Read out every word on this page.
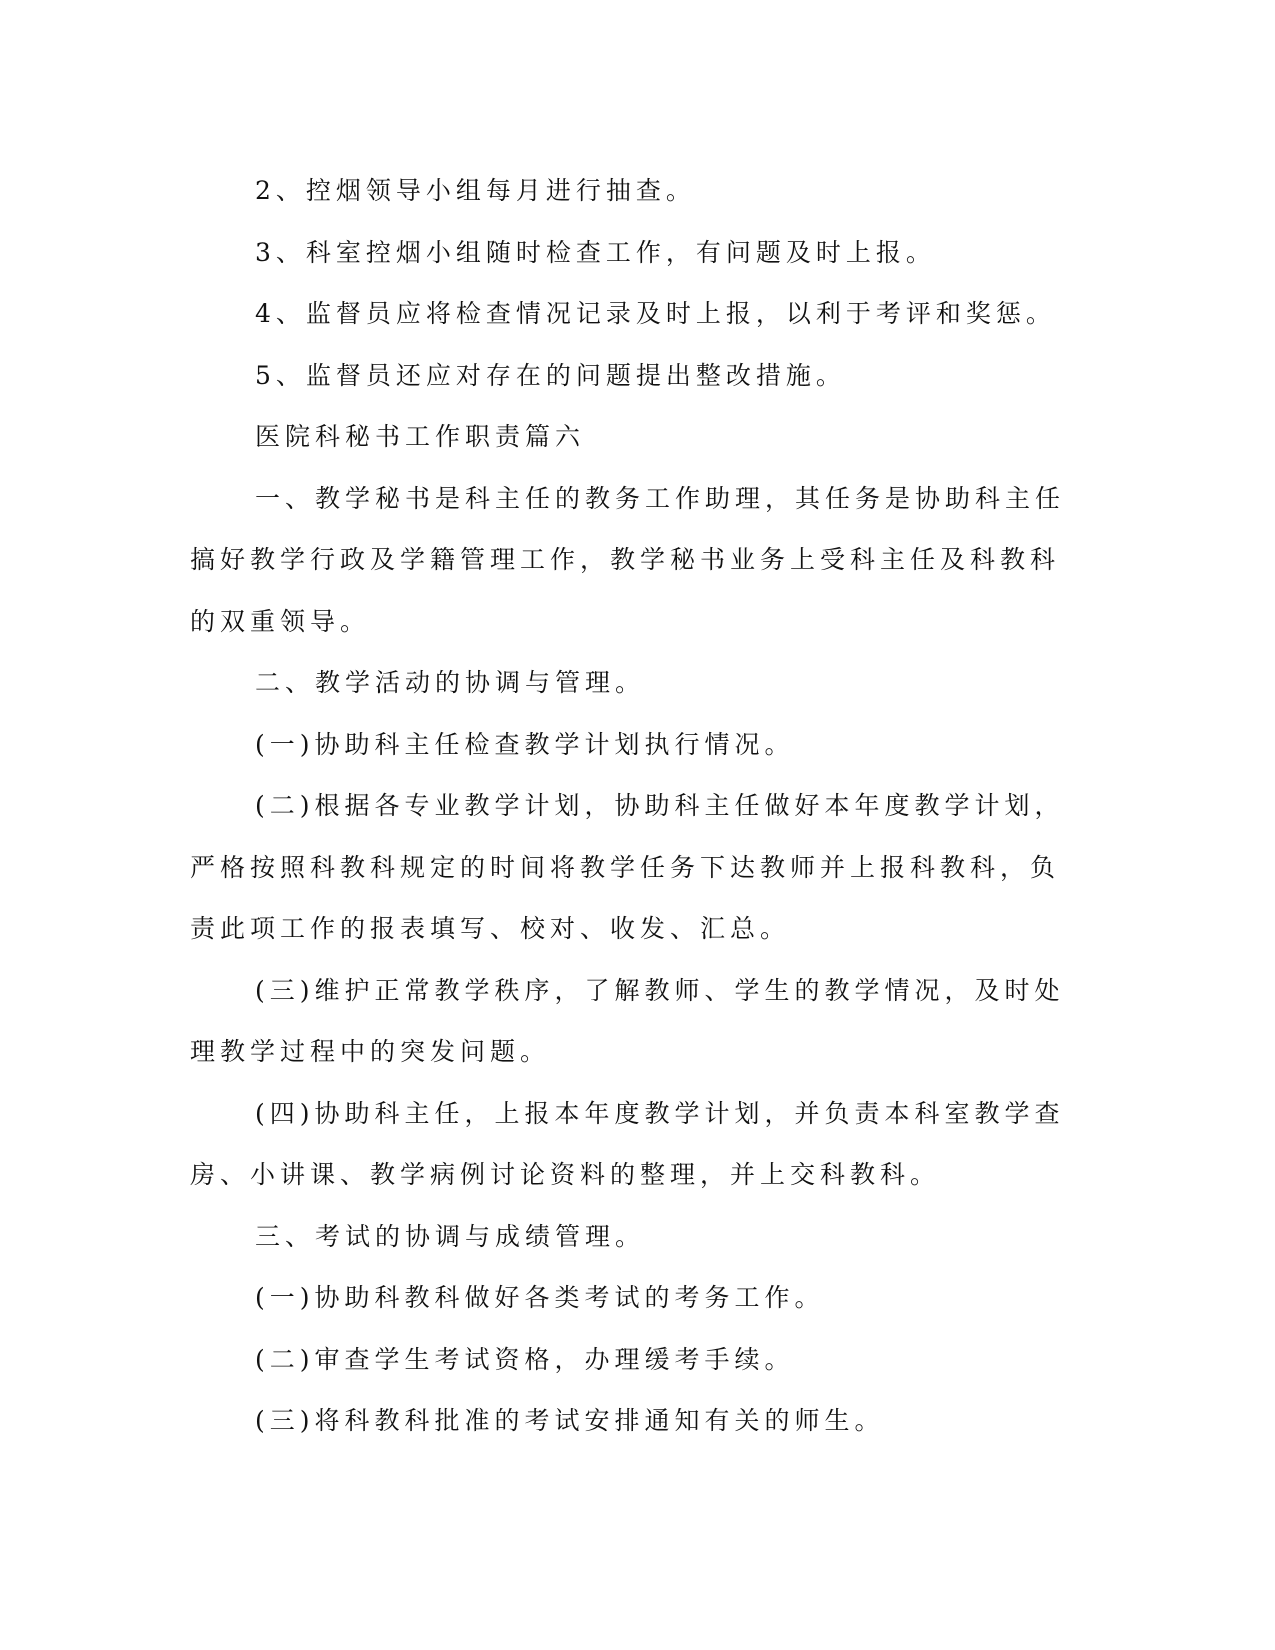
2、控烟领导小组每月进行抽查。

3、科室控烟小组随时检查工作，有问题及时上报。

4、监督员应将检查情况记录及时上报，以利于考评和奖惩。

5、监督员还应对存在的问题提出整改措施。

医院科秘书工作职责篇六

一、教学秘书是科主任的教务工作助理，其任务是协助科主任搞好教学行政及学籍管理工作，教学秘书业务上受科主任及科教科的双重领导。

二、教学活动的协调与管理。

(一)协助科主任检查教学计划执行情况。

(二)根据各专业教学计划，协助科主任做好本年度教学计划，严格按照科教科规定的时间将教学任务下达教师并上报科教科，负责此项工作的报表填写、校对、收发、汇总。

(三)维护正常教学秩序，了解教师、学生的教学情况，及时处理教学过程中的突发问题。

(四)协助科主任，上报本年度教学计划，并负责本科室教学查房、小讲课、教学病例讨论资料的整理，并上交科教科。

三、考试的协调与成绩管理。

(一)协助科教科做好各类考试的考务工作。

(二)审查学生考试资格，办理缓考手续。

(三)将科教科批准的考试安排通知有关的师生。
